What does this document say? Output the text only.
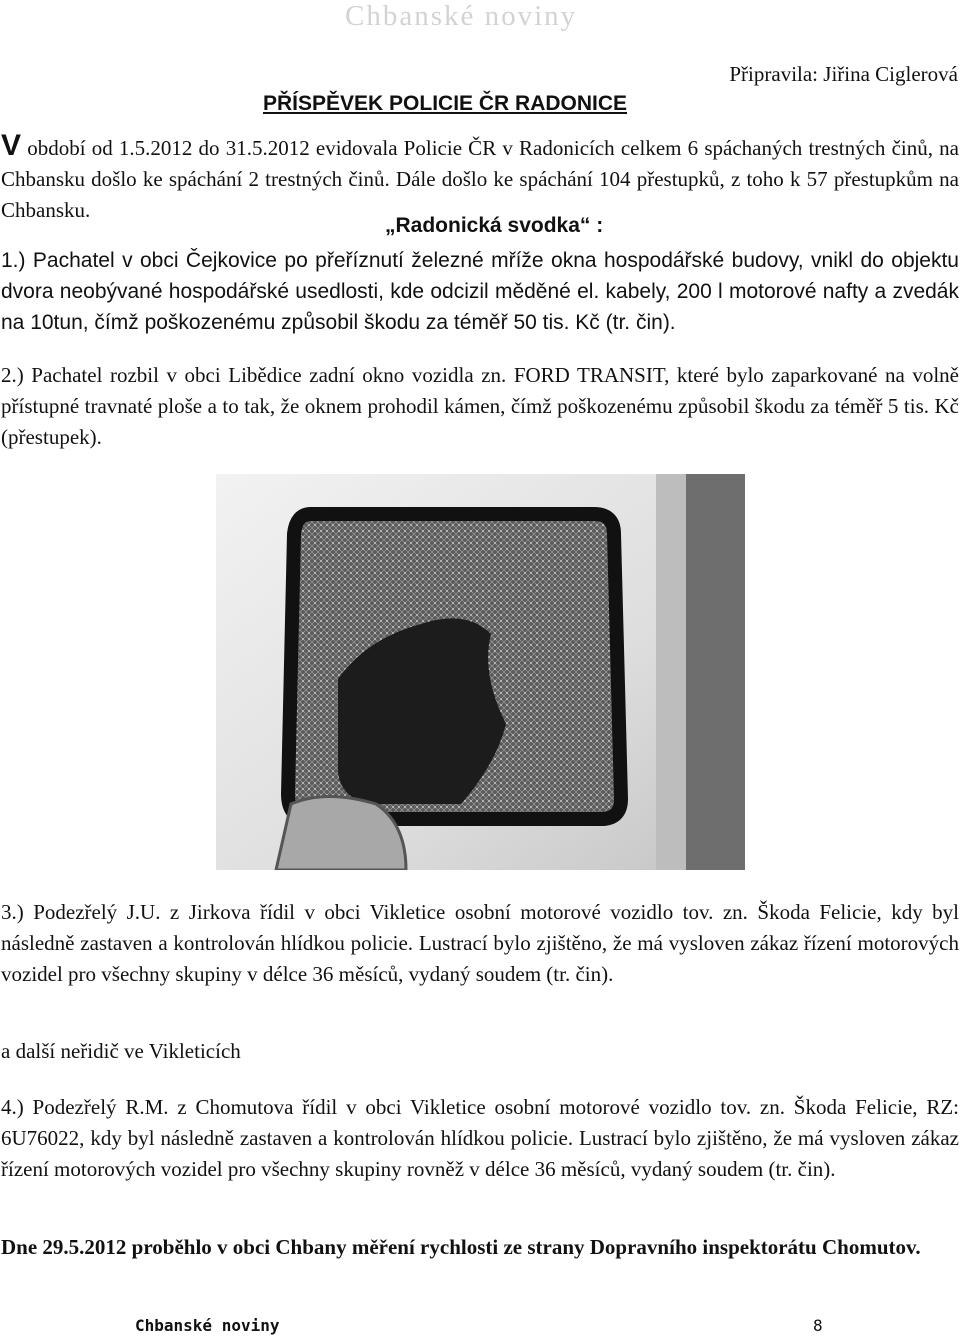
Chbanské noviny
Připravila: Jiřina Ciglerová
PŘÍSPĚVEK POLICIE ČR RADONICE
V období od 1.5.2012 do 31.5.2012 evidovala Policie ČR v Radonicích celkem 6 spáchaných trestných činů, na Chbansku došlo ke spáchání 2 trestných činů. Dále došlo ke spáchání 104 přestupků, z toho k 57 přestupkům na Chbansku.
„Radonická svodka“ :
1.) Pachatel v obci Čejkovice po přeříznutí železné mříže okna hospodářské budovy, vnikl do objektu dvora neobývané hospodářské usedlosti, kde odcizil měděné el. kabely, 200 l motorové nafty a zvedák na 10tun, čímž poškozenému způsobil škodu za téměř 50 tis. Kč (tr. čin).
2.) Pachatel rozbil v obci Libědice zadní okno vozidla zn. FORD TRANSIT, které bylo zaparkované na volně přístupné travnaté ploše a to tak, že oknem prohodil kámen, čímž poškozenému způsobil škodu za téměř 5 tis. Kč (přestupek).
3.) Podezřelý J.U. z Jirkova řídil v obci Vikletice osobní motorové vozidlo tov. zn. Škoda Felicie, kdy byl následně zastaven a kontrolován hlídkou policie. Lustrací bylo zjištěno, že má vysloven zákaz řízení motorových vozidel pro všechny skupiny v délce 36 měsíců, vydaný soudem (tr. čin).
a další neřidič ve Vikleticích
4.) Podezřelý R.M. z Chomutova řídil v obci Vikletice osobní motorové vozidlo tov. zn. Škoda Felicie, RZ: 6U76022, kdy byl následně zastaven a kontrolován hlídkou policie. Lustrací bylo zjištěno, že má vysloven zákaz řízení motorových vozidel pro všechny skupiny rovněž v délce 36 měsíců, vydaný soudem (tr. čin).
Dne 29.5.2012 proběhlo v obci Chbany měření rychlosti ze strany Dopravního inspektorátu Chomutov.
Chbanské noviny	8
